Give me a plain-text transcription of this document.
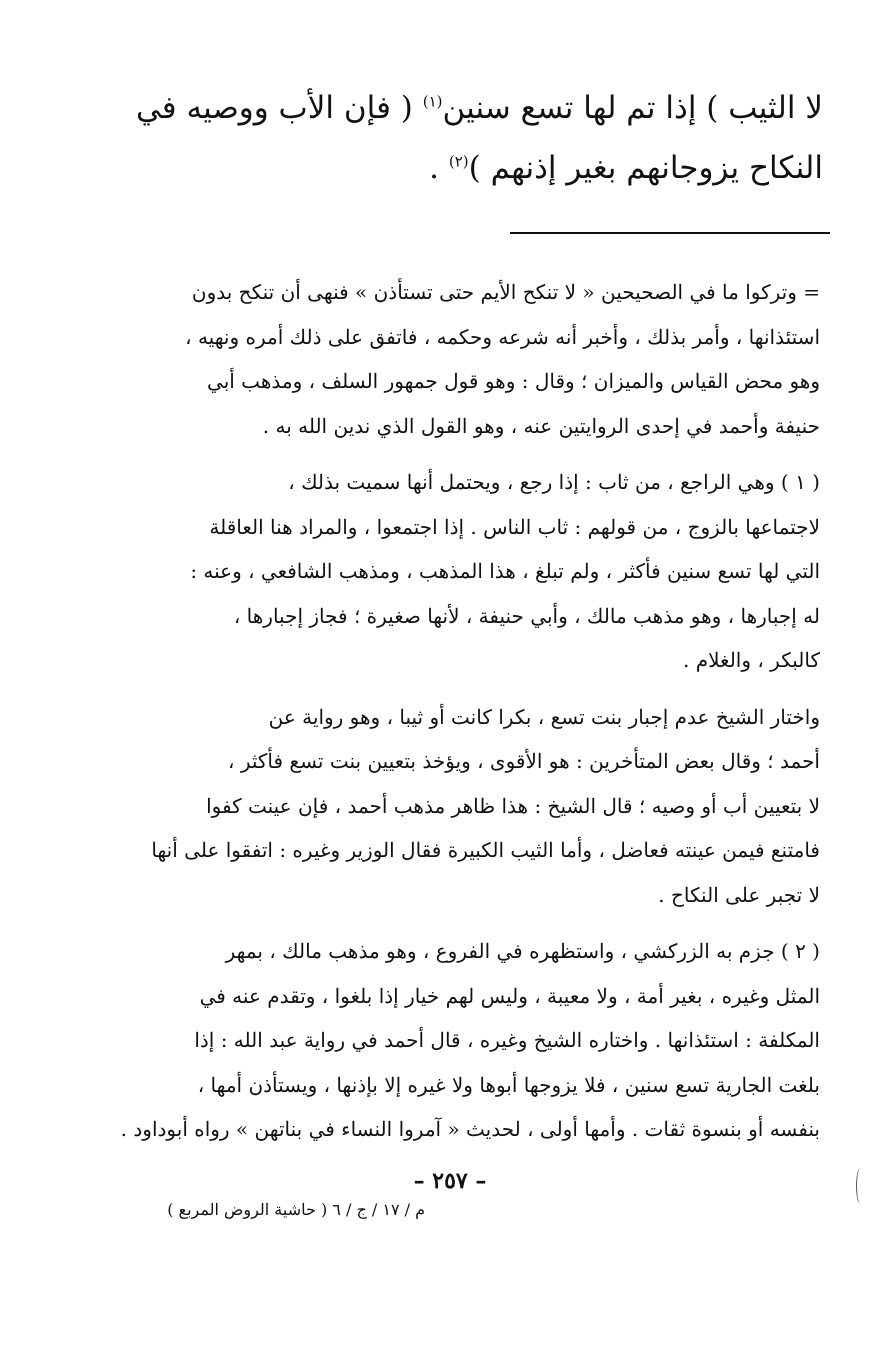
لا الثيب ) إذا تم لها تسع سنين$^{(١)}$ ( فإن الأب ووصيه في
النكاح يزوجانهم بغير إذنهم )$^{(٢)}$ .
= وتركوا ما في الصحيحين « لا تنكح الأيم حتى تستأذن » فنهى أن تنكح بدون
استئذانها ، وأمر بذلك ، وأخبر أنه شرعه وحكمه ، فاتفق على ذلك أمره ونهيه ،
وهو محض القياس والميزان ؛ وقال : وهو قول جمهور السلف ، ومذهب أبي
حنيفة وأحمد في إحدى الروايتين عنه ، وهو القول الذي ندين الله به .
( ١ ) وهي الراجع ، من ثاب : إذا رجع ، ويحتمل أنها سميت بذلك ،
لاجتماعها بالزوج ، من قولهم : ثاب الناس . إذا اجتمعوا ، والمراد هنا العاقلة
التي لها تسع سنين فأكثر ، ولم تبلغ ، هذا المذهب ، ومذهب الشافعي ، وعنه :
له إجبارها ، وهو مذهب مالك ، وأبي حنيفة ، لأنها صغيرة ؛ فجاز إجبارها ،
كالبكر ، والغلام .
واختار الشيخ عدم إجبار بنت تسع ، بكرا كانت أو ثيبا ، وهو رواية عن
أحمد ؛ وقال بعض المتأخرين : هو الأقوى ، ويؤخذ بتعيين بنت تسع فأكثر ،
لا بتعيين أب أو وصيه ؛ قال الشيخ : هذا ظاهر مذهب أحمد ، فإن عينت كفوا
فامتنع فيمن عينته فعاضل ، وأما الثيب الكبيرة فقال الوزير وغيره : اتفقوا على أنها
لا تجبر على النكاح .
( ٢ ) جزم به الزركشي ، واستظهره في الفروع ، وهو مذهب مالك ، بمهر
المثل وغيره ، بغير أمة ، ولا معيبة ، وليس لهم خيار إذا بلغوا ، وتقدم عنه في
المكلفة : استئذانها . واختاره الشيخ وغيره ، قال أحمد في رواية عبد الله : إذا
بلغت الجارية تسع سنين ، فلا يزوجها أبوها ولا غيره إلا بإذنها ، ويستأذن أمها ،
بنفسه أو بنسوة ثقات . وأمها أولى ، لحديث « آمروا النساء في بناتهن » رواه أبوداود .
– ٢٥٧ –
م / ١٧ / ج / ٦ ( حاشية الروض المربع )
